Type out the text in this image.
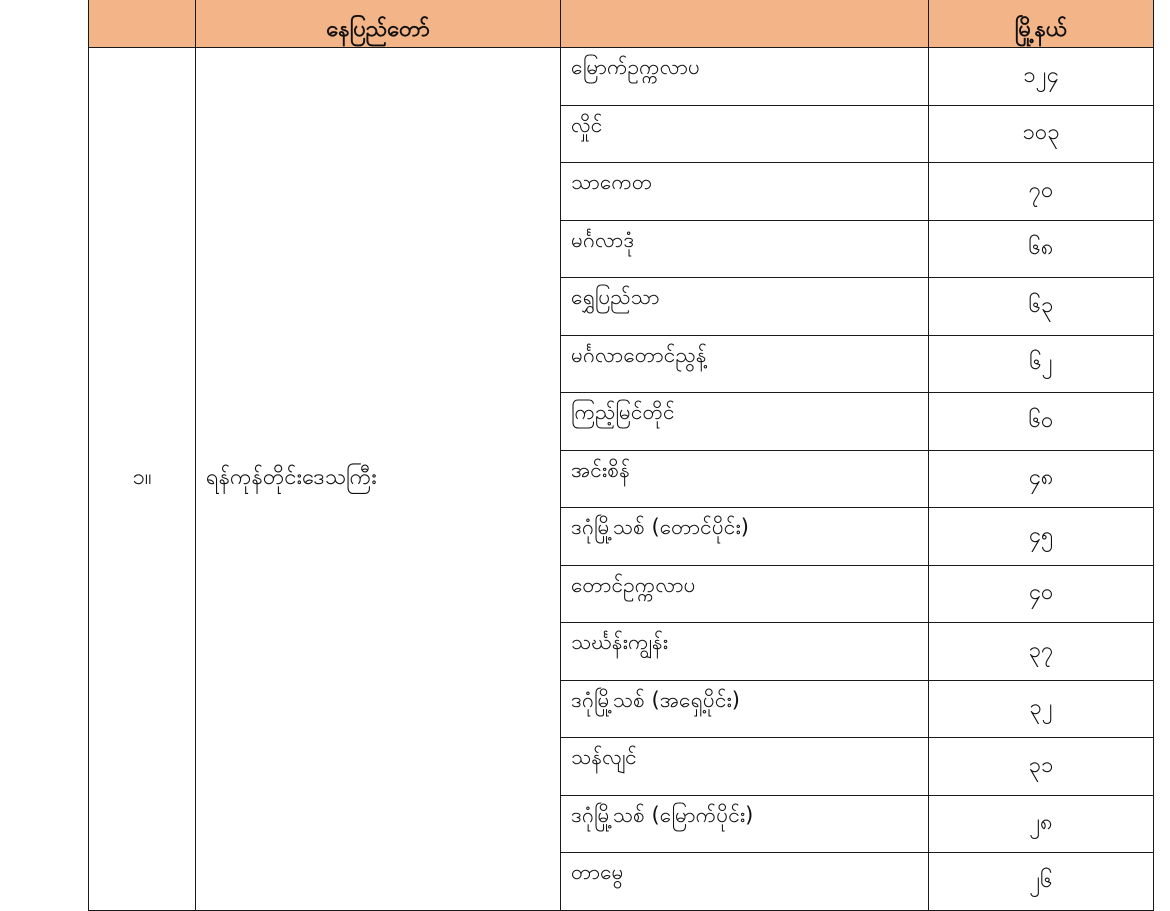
	နေပြည်တော်		မြို့နယ်
၁။	ရန်ကုန်တိုင်းဒေသကြီး	မြောက်ဥက္ကလာပ	၁၂၄
		လှိုင်	၁၀၃
		သာကေတ	၇၀
		မင်္ဂလာဒုံ	၆၈
		ရွှေပြည်သာ	၆၃
		မင်္ဂလာတောင်ညွန့်	၆၂
		ကြည့်မြင်တိုင်	၆၀
		အင်းစိန်	၄၈
		ဒဂုံမြို့သစ် (တောင်ပိုင်း)	၄၅
		တောင်ဥက္ကလာပ	၄၀
		သင်္ဃန်းကျွန်း	၃၇
		ဒဂုံမြို့သစ် (အရှေ့ပိုင်း)	၃၂
		သန်လျင်	၃၁
		ဒဂုံမြို့သစ် (မြောက်ပိုင်း)	၂၈
		တာမွေ	၂၆
